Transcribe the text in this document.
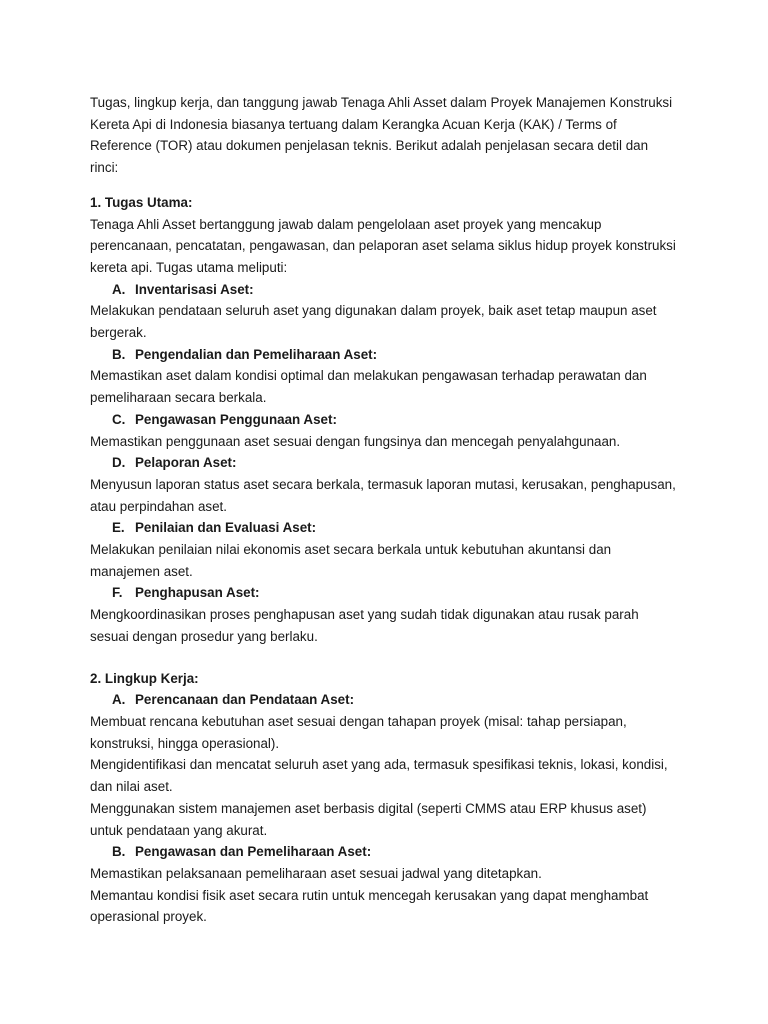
Tugas, lingkup kerja, dan tanggung jawab Tenaga Ahli Asset dalam Proyek Manajemen Konstruksi Kereta Api di Indonesia biasanya tertuang dalam Kerangka Acuan Kerja (KAK) / Terms of Reference (TOR) atau dokumen penjelasan teknis. Berikut adalah penjelasan secara detil dan rinci:

1. Tugas Utama:

Tenaga Ahli Asset bertanggung jawab dalam pengelolaan aset proyek yang mencakup perencanaan, pencatatan, pengawasan, dan pelaporan aset selama siklus hidup proyek konstruksi kereta api. Tugas utama meliputi:

A. Inventarisasi Aset:

Melakukan pendataan seluruh aset yang digunakan dalam proyek, baik aset tetap maupun aset bergerak.

B. Pengendalian dan Pemeliharaan Aset:

Memastikan aset dalam kondisi optimal dan melakukan pengawasan terhadap perawatan dan pemeliharaan secara berkala.

C. Pengawasan Penggunaan Aset:

Memastikan penggunaan aset sesuai dengan fungsinya dan mencegah penyalahgunaan.

D. Pelaporan Aset:

Menyusun laporan status aset secara berkala, termasuk laporan mutasi, kerusakan, penghapusan, atau perpindahan aset.

E. Penilaian dan Evaluasi Aset:

Melakukan penilaian nilai ekonomis aset secara berkala untuk kebutuhan akuntansi dan manajemen aset.

F. Penghapusan Aset:

Mengkoordinasikan proses penghapusan aset yang sudah tidak digunakan atau rusak parah sesuai dengan prosedur yang berlaku.

2. Lingkup Kerja:

A. Perencanaan dan Pendataan Aset:

Membuat rencana kebutuhan aset sesuai dengan tahapan proyek (misal: tahap persiapan, konstruksi, hingga operasional).

Mengidentifikasi dan mencatat seluruh aset yang ada, termasuk spesifikasi teknis, lokasi, kondisi, dan nilai aset.

Menggunakan sistem manajemen aset berbasis digital (seperti CMMS atau ERP khusus aset) untuk pendataan yang akurat.

B. Pengawasan dan Pemeliharaan Aset:

Memastikan pelaksanaan pemeliharaan aset sesuai jadwal yang ditetapkan.

Memantau kondisi fisik aset secara rutin untuk mencegah kerusakan yang dapat menghambat operasional proyek.
